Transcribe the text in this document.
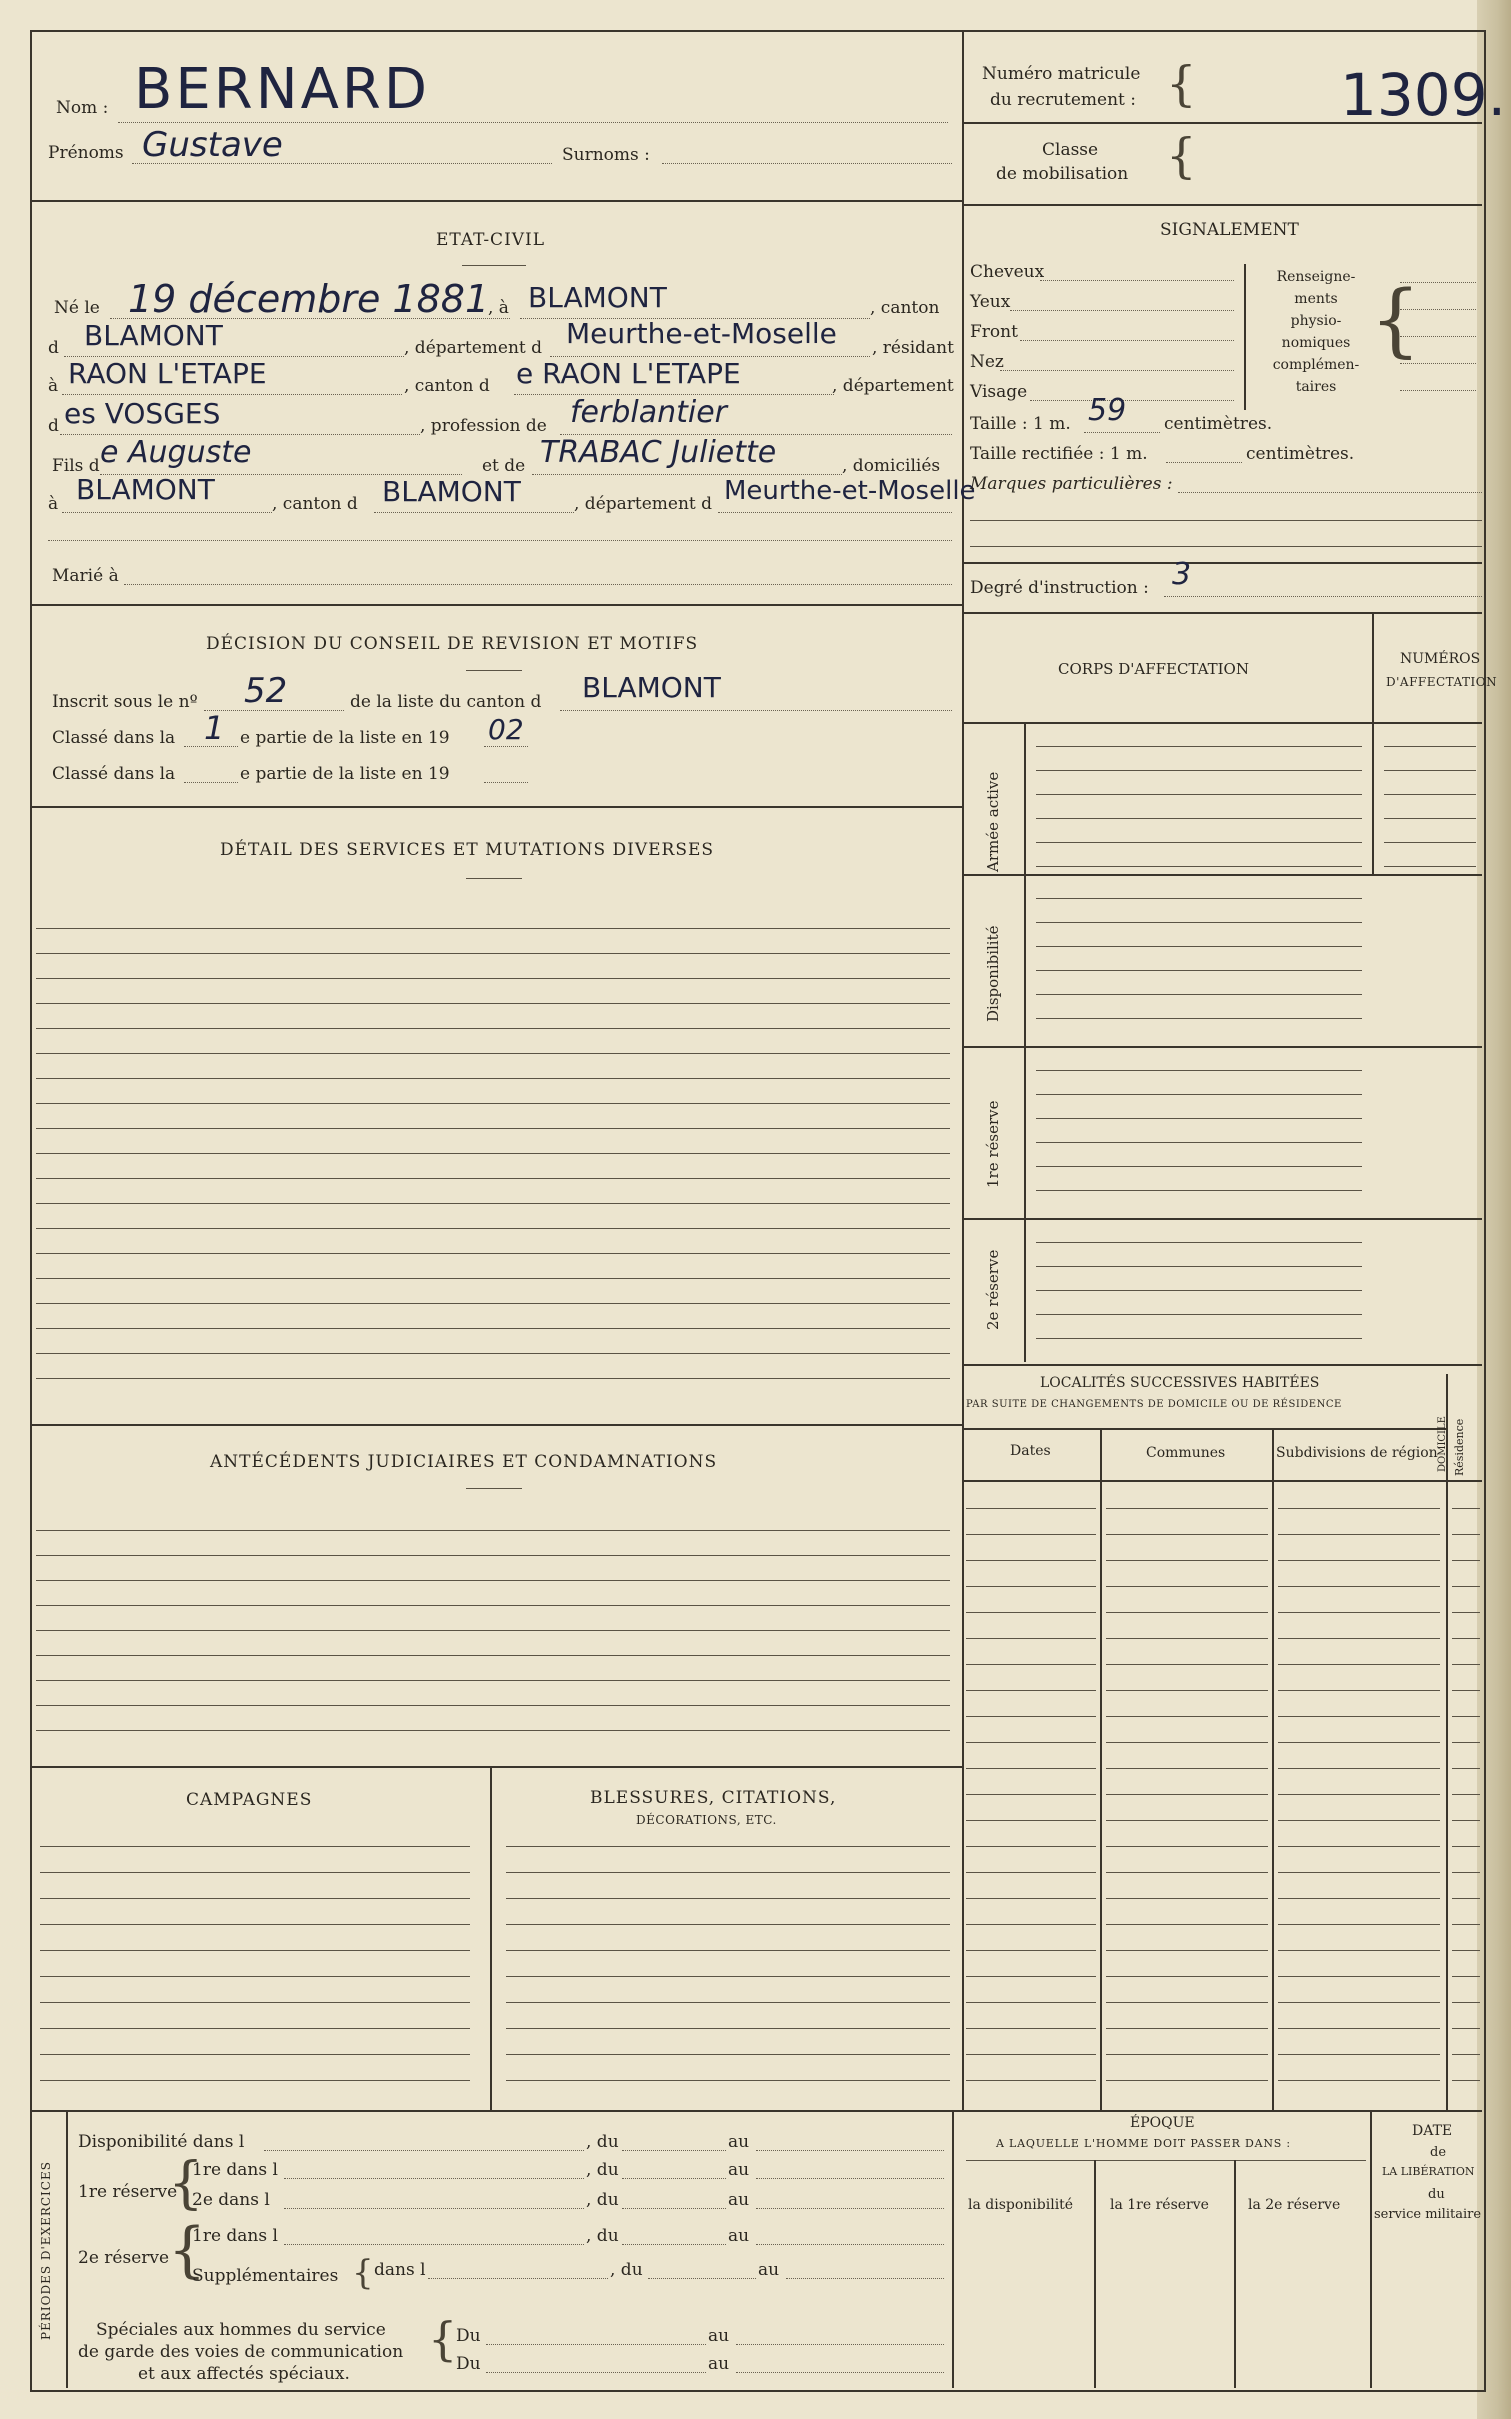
Nom : BERNARD
Prénoms Gustave	Surnoms :
Numéro matricule
du recrutement : { 1309.
Classe
de mobilisation {
ETAT-CIVIL
Né le 19 décembre 1881
, à BLAMONT	, canton
d BLAMONT	, département d Meurthe-et-Moselle , résidant
à RAON L'ETAPE	, canton d e RAON L'ETAPE	, département
d es VOSGES	, profession de ferblantier
Fils d e Auguste	et de TRABAC Juliette	, domiciliés
à BLAMONT	, canton d BLAMONT	, département d Meurthe-et-Moselle
Marié à
DÉCISION DU CONSEIL DE REVISION ET MOTIFS
Inscrit sous le nº 52	de la liste du canton d BLAMONT
Classé dans la 1 e partie de la liste en 19 02
Classé dans la	e partie de la liste en 19
DÉTAIL DES SERVICES ET MUTATIONS DIVERSES
ANTÉCÉDENTS JUDICIAIRES ET CONDAMNATIONS
CAMPAGNES	BLESSURES, CITATIONS,
DÉCORATIONS, ETC.
SIGNALEMENT
Cheveux
Yeux
Front
Nez
Visage
Renseigne-
ments
physio-
nomiques
complémen-
taires
{
Taille : 1 m. 59 centimètres.
Taille rectifiée : 1 m.	centimètres.
Marques particulières :
Degré d'instruction : 3
CORPS D'AFFECTATION
NUMÉROS
D'AFFECTATION
Armée active
Disponibilité
1re réserve
2e réserve
LOCALITÉS SUCCESSIVES HABITÉES
PAR SUITE DE CHANGEMENTS DE DOMICILE OU DE RÉSIDENCE
Dates	Communes	Subdivisions de région DOMICILE Résidence
PÉRIODES D'EXERCICES
Disponibilité dans l	, du	au
1re réserve
{
1re dans l	, du	au
2e dans l	, du	au
2e réserve
{
1re dans l	, du	au
Supplémentaires { dans l	, du	au
Spéciales aux hommes du service
de garde des voies de communication
et aux affectés spéciaux.
{
Du	au
Du	au
ÉPOQUE
A LAQUELLE L'HOMME DOIT PASSER DANS :
la disponibilité	la 1re réserve	la 2e réserve
DATE
de
LA LIBÉRATION
du
service militaire
